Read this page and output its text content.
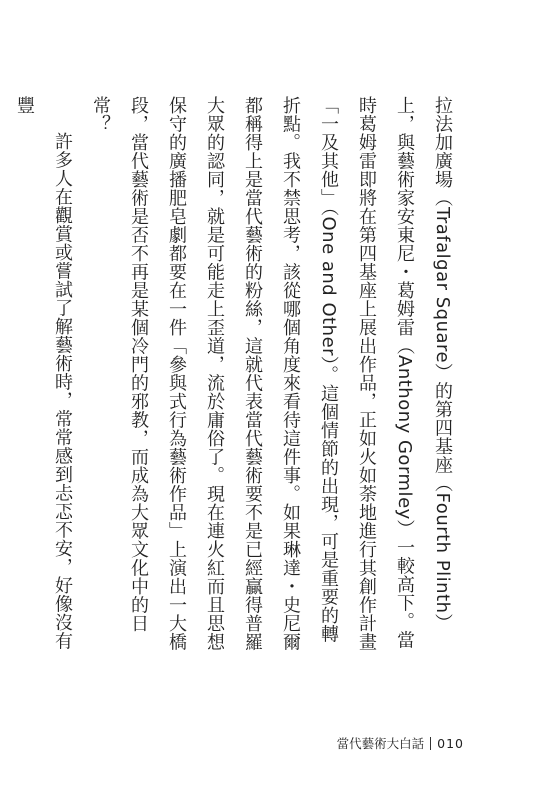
拉法加廣場（Trafalgar Square）的第四基座（Fourth Plinth）上，與藝術家安東尼・葛姆雷（Anthony Gormley）一較高下。當時葛姆雷即將在第四基座上展出作品，正如火如荼地進行其創作計畫「一及其他」（One and Other）。這個情節的出現，可是重要的轉折點。我不禁思考，該從哪個角度來看待這件事。如果琳達・史尼爾都稱得上是當代藝術的粉絲，這就代表當代藝術要不是已經贏得普羅大眾的認同，就是可能走上歪道，流於庸俗了。現在連火紅而且思想保守的廣播肥皂劇都要在一件「參與式行為藝術作品」上演出一大橋段，當代藝術是否不再是某個冷門的邪教，而成為大眾文化中的日常？

許多人在觀賞或嘗試了解藝術時，常常感到忐忑不安，好像沒有豐

當代藝術大白話 010
